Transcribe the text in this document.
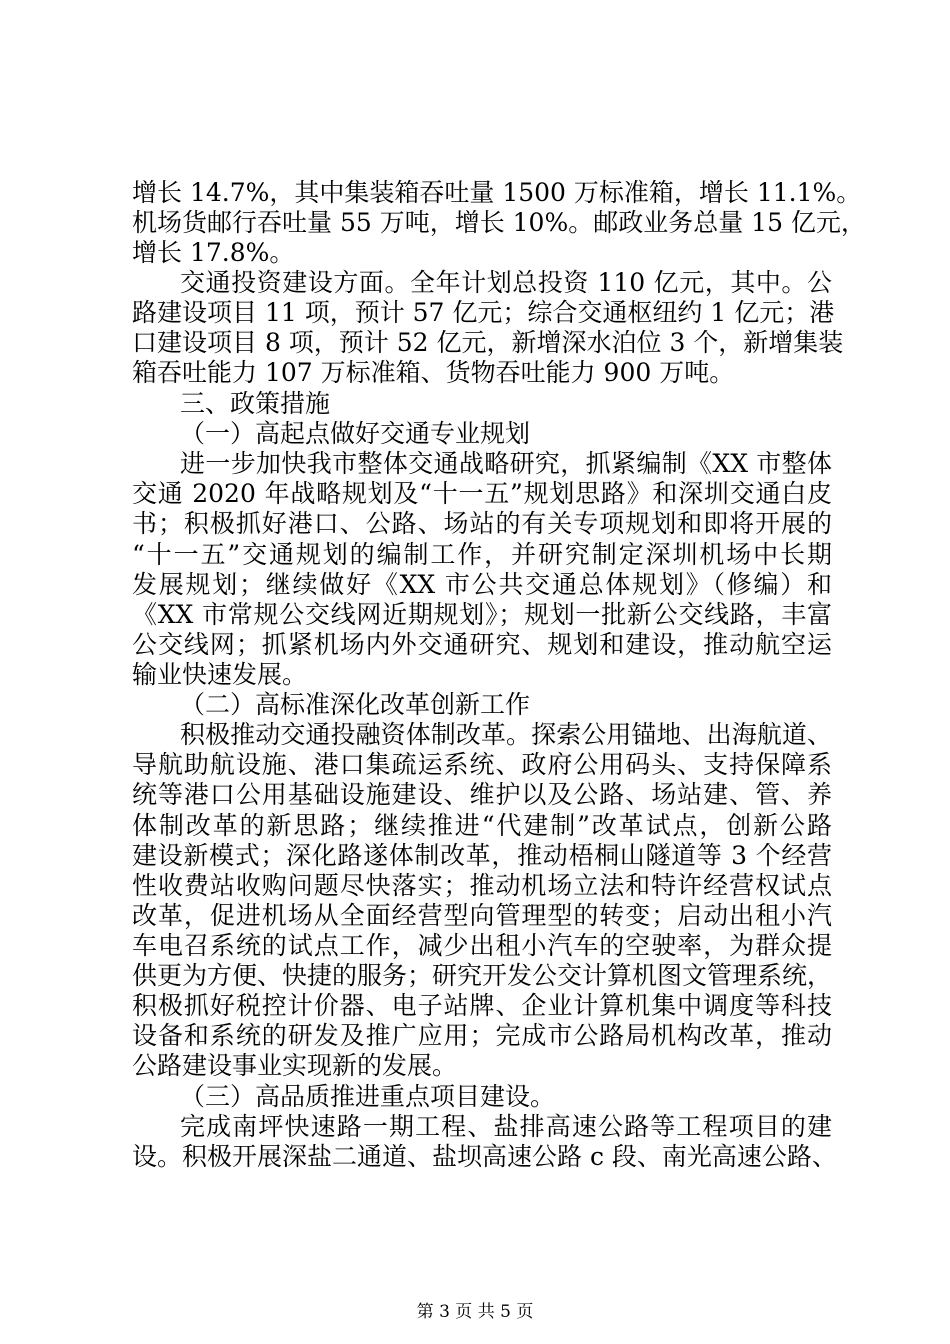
增长 14.7%，其中集装箱吞吐量 1500 万标准箱，增长 11.1%。
机场货邮行吞吐量 55 万吨，增长 10%。邮政业务总量 15 亿元，
增长 17.8%。
交通投资建设方面。全年计划总投资 110 亿元，其中。公
路建设项目 11 项，预计 57 亿元；综合交通枢纽约 1 亿元；港
口建设项目 8 项，预计 52 亿元，新增深水泊位 3 个，新增集装
箱吞吐能力 107 万标准箱、货物吞吐能力 900 万吨。
三、政策措施
（一）高起点做好交通专业规划
进一步加快我市整体交通战略研究，抓紧编制《XX 市整体
交通 2020 年战略规划及“十一五”规划思路》和深圳交通白皮
书；积极抓好港口、公路、场站的有关专项规划和即将开展的
“十一五”交通规划的编制工作，并研究制定深圳机场中长期
发展规划；继续做好《XX 市公共交通总体规划》（修编）和
《XX 市常规公交线网近期规划》；规划一批新公交线路，丰富
公交线网；抓紧机场内外交通研究、规划和建设，推动航空运
输业快速发展。
（二）高标准深化改革创新工作
积极推动交通投融资体制改革。探索公用锚地、出海航道、
导航助航设施、港口集疏运系统、政府公用码头、支持保障系
统等港口公用基础设施建设、维护以及公路、场站建、管、养
体制改革的新思路；继续推进“代建制”改革试点，创新公路
建设新模式；深化路遂体制改革，推动梧桐山隧道等 3 个经营
性收费站收购问题尽快落实；推动机场立法和特许经营权试点
改革，促进机场从全面经营型向管理型的转变；启动出租小汽
车电召系统的试点工作，减少出租小汽车的空驶率，为群众提
供更为方便、快捷的服务；研究开发公交计算机图文管理系统，
积极抓好税控计价器、电子站牌、企业计算机集中调度等科技
设备和系统的研发及推广应用；完成市公路局机构改革，推动
公路建设事业实现新的发展。
（三）高品质推进重点项目建设。
完成南坪快速路一期工程、盐排高速公路等工程项目的建
设。积极开展深盐二通道、盐坝高速公路 c 段、南光高速公路、
第 3 页 共 5 页
